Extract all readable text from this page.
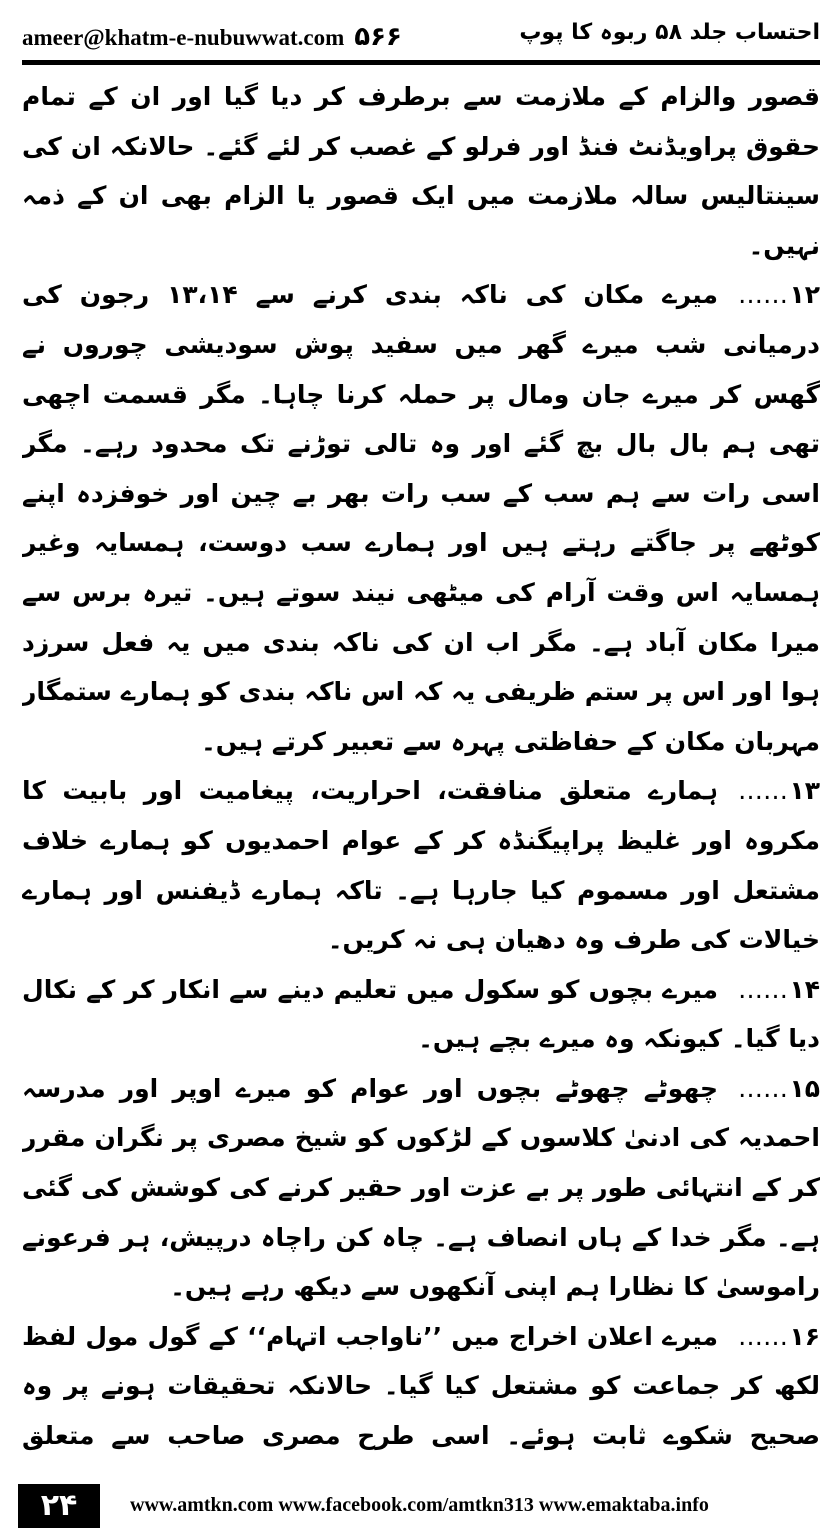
ameer@khatm-e-nubuwwat.com ۵۶۶	احتساب جلد ۵۸ ربوہ کا پوپ

قصور والزام کے ملازمت سے برطرف کر دیا گیا اور ان کے تمام حقوق پراویڈنٹ فنڈ اور فرلو کے غصب کر لئے گئے۔ حالانکہ ان کی سینتالیس سالہ ملازمت میں ایک قصور یا الزام بھی ان کے ذمہ نہیں۔

۱۲……میرے مکان کی ناکہ بندی کرنے سے ۱۳،۱۴ رجون کی درمیانی شب میرے گھر میں سفید پوش سودیشی چوروں نے گھس کر میرے جان ومال پر حملہ کرنا چاہا۔ مگر قسمت اچھی تھی ہم بال بال بچ گئے اور وہ تالی توڑنے تک محدود رہے۔ مگر اسی رات سے ہم سب کے سب رات بھر بے چین اور خوفزدہ اپنے کوٹھے پر جاگتے رہتے ہیں اور ہمارے سب دوست، ہمسایہ وغیر ہمسایہ اس وقت آرام کی میٹھی نیند سوتے ہیں۔ تیرہ برس سے میرا مکان آباد ہے۔ مگر اب ان کی ناکہ بندی میں یہ فعل سرزد ہوا اور اس پر ستم ظریفی یہ کہ اس ناکہ بندی کو ہمارے ستمگار مہربان مکان کے حفاظتی پہرہ سے تعبیر کرتے ہیں۔

۱۳……ہمارے متعلق منافقت، احراریت، پیغامیت اور بابیت کا مکروہ اور غلیظ پراپیگنڈہ کر کے عوام احمدیوں کو ہمارے خلاف مشتعل اور مسموم کیا جارہا ہے۔ تاکہ ہمارے ڈیفنس اور ہمارے خیالات کی طرف وہ دھیان ہی نہ کریں۔

۱۴……میرے بچوں کو سکول میں تعلیم دینے سے انکار کر کے نکال دیا گیا۔ کیونکہ وہ میرے بچے ہیں۔

۱۵……چھوٹے چھوٹے بچوں اور عوام کو میرے اوپر اور مدرسہ احمدیہ کی ادنیٰ کلاسوں کے لڑکوں کو شیخ مصری پر نگران مقرر کر کے انتہائی طور پر بے عزت اور حقیر کرنے کی کوشش کی گئی ہے۔ مگر خدا کے ہاں انصاف ہے۔ چاہ کن راچاہ درپیش، ہر فرعونے راموسیٰ کا نظارا ہم اپنی آنکھوں سے دیکھ رہے ہیں۔

۱۶……میرے اعلان اخراج میں ’’ناواجب اتہام‘‘ کے گول مول لفظ لکھ کر جماعت کو مشتعل کیا گیا۔ حالانکہ تحقیقات ہونے پر وہ صحیح شکوے ثابت ہوئے۔ اسی طرح مصری صاحب سے متعلق

۲۴	www.amtkn.com www.facebook.com/amtkn313 www.emaktaba.info
